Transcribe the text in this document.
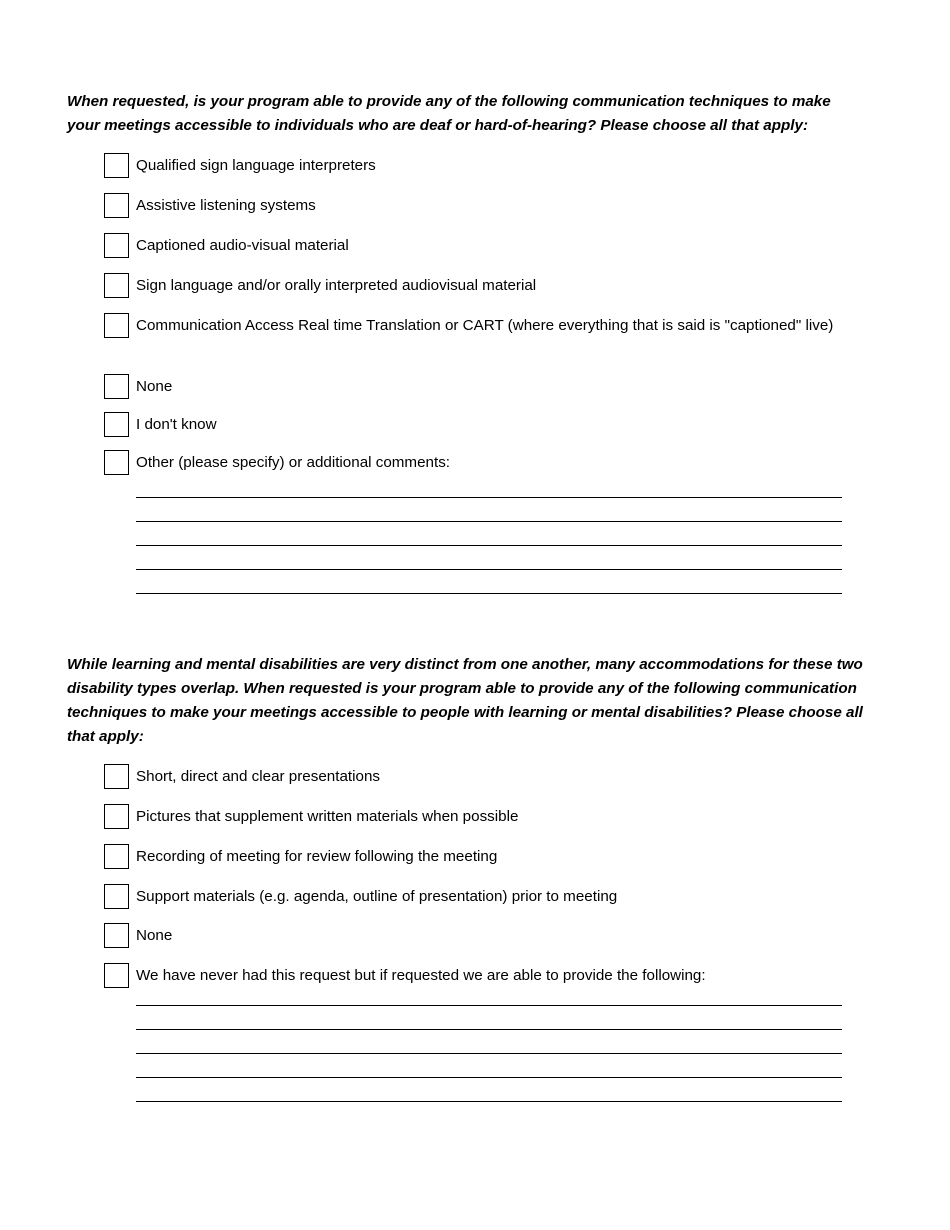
When requested, is your program able to provide any of the following communication techniques to make your meetings accessible to individuals who are deaf or hard-of-hearing? Please choose all that apply:

Qualified sign language interpreters
Assistive listening systems
Captioned audio-visual material
Sign language and/or orally interpreted audiovisual material
Communication Access Real time Translation or CART (where everything that is said is "captioned" live)
None
I don't know
Other (please specify) or additional comments:

While learning and mental disabilities are very distinct from one another, many accommodations for these two disability types overlap. When requested is your program able to provide any of the following communication techniques to make your meetings accessible to people with learning or mental disabilities? Please choose all that apply:

Short, direct and clear presentations
Pictures that supplement written materials when possible
Recording of meeting for review following the meeting
Support materials (e.g. agenda, outline of presentation) prior to meeting
None
We have never had this request but if requested we are able to provide the following:
